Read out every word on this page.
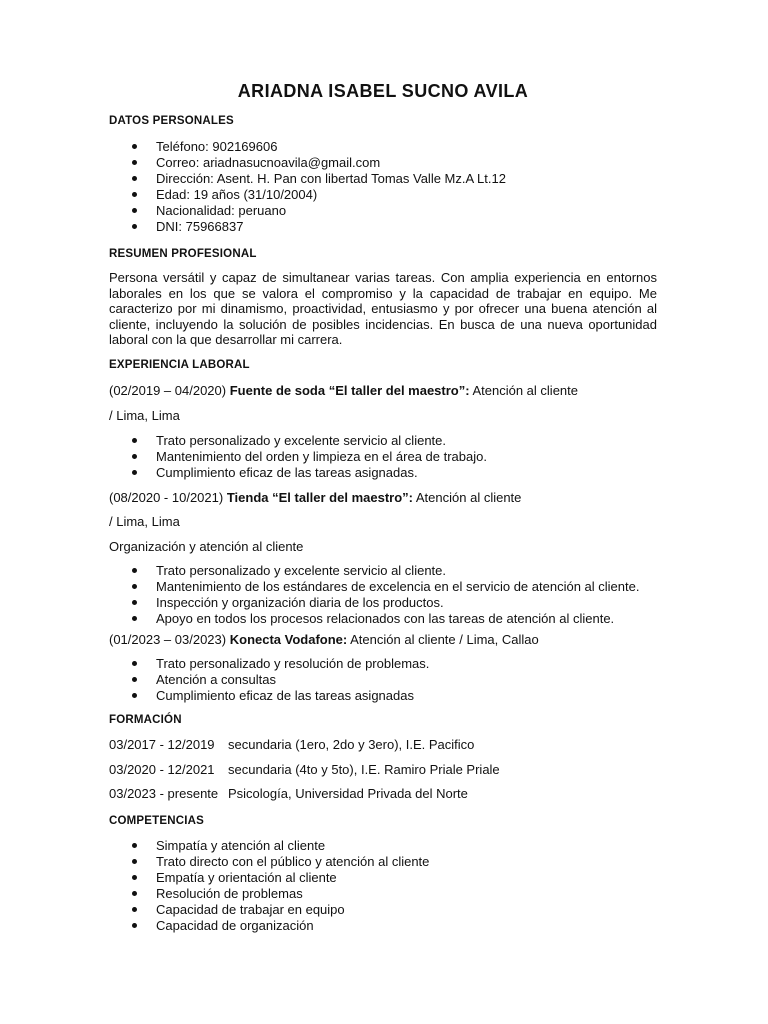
ARIADNA ISABEL SUCNO AVILA
DATOS PERSONALES
Teléfono: 902169606
Correo: ariadnasucnoavila@gmail.com
Dirección: Asent. H. Pan con libertad Tomas Valle Mz.A Lt.12
Edad: 19 años (31/10/2004)
Nacionalidad: peruano
DNI: 75966837
RESUMEN PROFESIONAL
Persona versátil y capaz de simultanear varias tareas. Con amplia experiencia en entornos laborales en los que se valora el compromiso y la capacidad de trabajar en equipo. Me caracterizo por mi dinamismo, proactividad, entusiasmo y por ofrecer una buena atención al cliente, incluyendo la solución de posibles incidencias. En busca de una nueva oportunidad laboral con la que desarrollar mi carrera.
EXPERIENCIA LABORAL
(02/2019 – 04/2020) Fuente de soda “El taller del maestro”: Atención al cliente
/ Lima, Lima
Trato personalizado y excelente servicio al cliente.
Mantenimiento del orden y limpieza en el área de trabajo.
Cumplimiento eficaz de las tareas asignadas.
(08/2020 - 10/2021) Tienda “El taller del maestro”: Atención al cliente
/ Lima, Lima
Organización y atención al cliente
Trato personalizado y excelente servicio al cliente.
Mantenimiento de los estándares de excelencia en el servicio de atención al cliente.
Inspección y organización diaria de los productos.
Apoyo en todos los procesos relacionados con las tareas de atención al cliente.
(01/2023 – 03/2023) Konecta Vodafone: Atención al cliente / Lima, Callao
Trato personalizado y resolución de problemas.
Atención a consultas
Cumplimiento eficaz de las tareas asignadas
FORMACIÓN
03/2017 - 12/2019 secundaria (1ero, 2do y 3ero), I.E. Pacifico
03/2020 - 12/2021 secundaria (4to y 5to), I.E. Ramiro Priale Priale
03/2023 - presente Psicología, Universidad Privada del Norte
COMPETENCIAS
Simpatía y atención al cliente
Trato directo con el público y atención al cliente
Empatía y orientación al cliente
Resolución de problemas
Capacidad de trabajar en equipo
Capacidad de organización
